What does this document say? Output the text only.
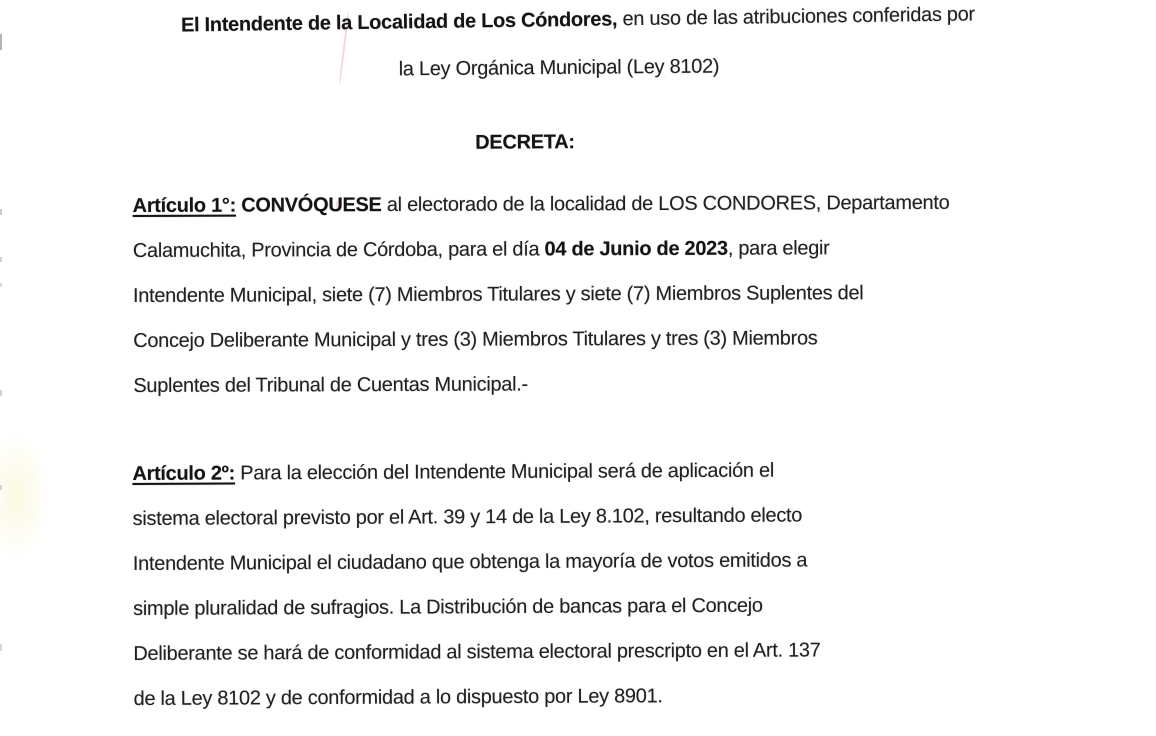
El Intendente de la Localidad de Los Cóndores, en uso de las atribuciones conferidas por
la Ley Orgánica Municipal (Ley 8102)
DECRETA:
Artículo 1°: CONVÓQUESE al electorado de la localidad de LOS CONDORES, Departamento
Calamuchita, Provincia de Córdoba, para el día 04 de Junio de 2023, para elegir
Intendente Municipal, siete (7) Miembros Titulares y siete (7) Miembros Suplentes del
Concejo Deliberante Municipal y tres (3) Miembros Titulares y tres (3) Miembros
Suplentes del Tribunal de Cuentas Municipal.-
Artículo 2º: Para la elección del Intendente Municipal será de aplicación el
sistema electoral previsto por el Art. 39 y 14 de la Ley 8.102, resultando electo
Intendente Municipal el ciudadano que obtenga la mayoría de votos emitidos a
simple pluralidad de sufragios. La Distribución de bancas para el Concejo
Deliberante se hará de conformidad al sistema electoral prescripto en el Art. 137
de la Ley 8102 y de conformidad a lo dispuesto por Ley 8901.
